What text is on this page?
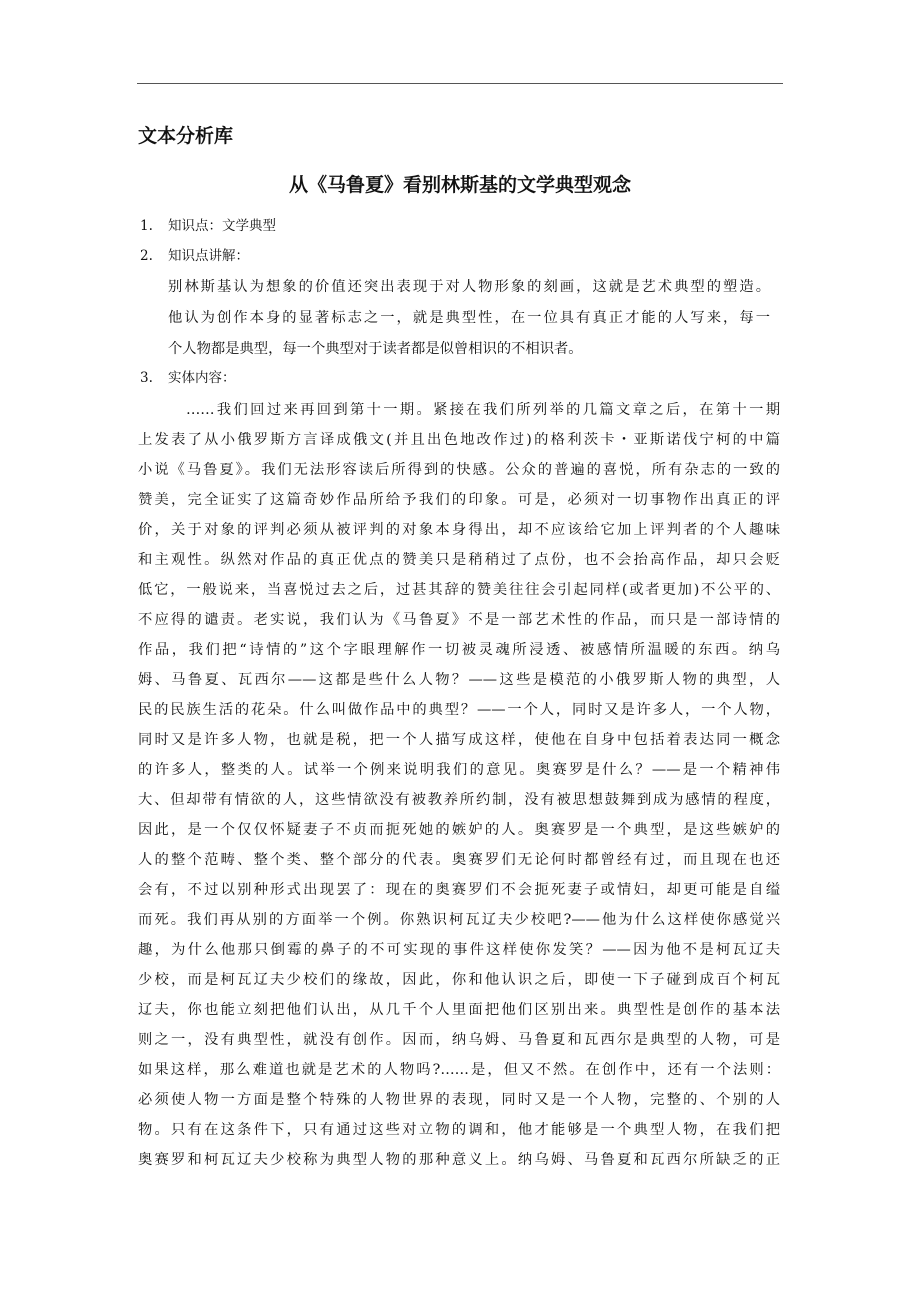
文本分析库
从《马鲁夏》看别林斯基的文学典型观念
1. 知识点：文学典型
2. 知识点讲解：
别林斯基认为想象的价值还突出表现于对人物形象的刻画，这就是艺术典型的塑造。
他认为创作本身的显著标志之一，就是典型性，在一位具有真正才能的人写来，每一
个人物都是典型，每一个典型对于读者都是似曾相识的不相识者。
3. 实体内容：
……我们回过来再回到第十一期。紧接在我们所列举的几篇文章之后，在第十一期
上发表了从小俄罗斯方言译成俄文(并且出色地改作过)的格利茨卡・亚斯诺伐宁柯的中篇
小说《马鲁夏》。我们无法形容读后所得到的快感。公众的普遍的喜悦，所有杂志的一致的
赞美，完全证实了这篇奇妙作品所给予我们的印象。可是，必须对一切事物作出真正的评
价，关于对象的评判必须从被评判的对象本身得出，却不应该给它加上评判者的个人趣味
和主观性。纵然对作品的真正优点的赞美只是稍稍过了点份，也不会抬高作品，却只会贬
低它，一般说来，当喜悦过去之后，过甚其辞的赞美往往会引起同样(或者更加)不公平的、
不应得的谴责。老实说，我们认为《马鲁夏》不是一部艺术性的作品，而只是一部诗情的
作品，我们把“诗情的”这个字眼理解作一切被灵魂所浸透、被感情所温暖的东西。纳乌
姆、马鲁夏、瓦西尔——这都是些什么人物？——这些是模范的小俄罗斯人物的典型，人
民的民族生活的花朵。什么叫做作品中的典型？——一个人，同时又是许多人，一个人物，
同时又是许多人物，也就是税，把一个人描写成这样，使他在自身中包括着表达同一概念
的许多人，整类的人。试举一个例来说明我们的意见。奥赛罗是什么？——是一个精神伟
大、但却带有情欲的人，这些情欲没有被教养所约制，没有被思想鼓舞到成为感情的程度，
因此，是一个仅仅怀疑妻子不贞而扼死她的嫉妒的人。奥赛罗是一个典型，是这些嫉妒的
人的整个范畴、整个类、整个部分的代表。奥赛罗们无论何时都曾经有过，而且现在也还
会有，不过以别种形式出现罢了：现在的奥赛罗们不会扼死妻子或情妇，却更可能是自缢
而死。我们再从别的方面举一个例。你熟识柯瓦辽夫少校吧?——他为什么这样使你感觉兴
趣，为什么他那只倒霉的鼻子的不可实现的事件这样使你发笑？——因为他不是柯瓦辽夫
少校，而是柯瓦辽夫少校们的缘故，因此，你和他认识之后，即使一下子碰到成百个柯瓦
辽夫，你也能立刻把他们认出，从几千个人里面把他们区别出来。典型性是创作的基本法
则之一，没有典型性，就没有创作。因而，纳乌姆、马鲁夏和瓦西尔是典型的人物，可是
如果这样，那么难道也就是艺术的人物吗?……是，但又不然。在创作中，还有一个法则：
必须使人物一方面是整个特殊的人物世界的表现，同时又是一个人物，完整的、个别的人
物。只有在这条件下，只有通过这些对立物的调和，他才能够是一个典型人物，在我们把
奥赛罗和柯瓦辽夫少校称为典型人物的那种意义上。纳乌姆、马鲁夏和瓦西尔所缺乏的正
